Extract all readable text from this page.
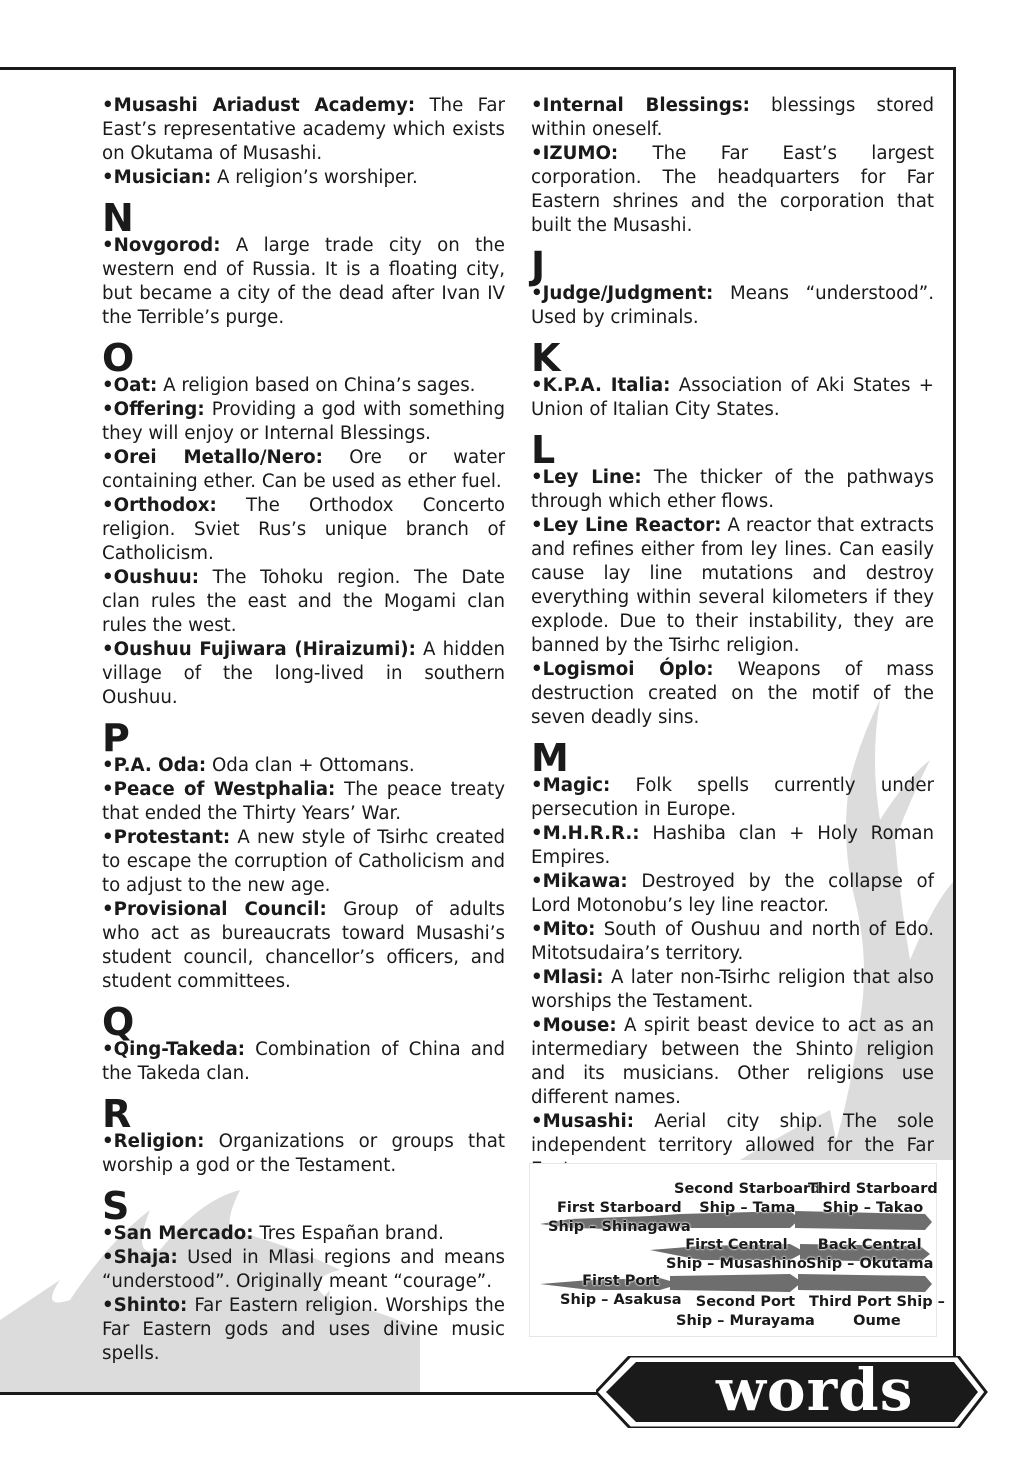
•Musashi Ariadust Academy: The Far East’s representative academy which exists on Okutama of Musashi.

•Musician: A religion’s worshiper.

N

•Novgorod: A large trade city on the western end of Russia. It is a floating city, but became a city of the dead after Ivan IV the Terrible’s purge.

O

•Oat: A religion based on China’s sages.

•Offering: Providing a god with something they will enjoy or Internal Blessings.

•Orei Metallo/Nero: Ore or water containing ether. Can be used as ether fuel.

•Orthodox: The Orthodox Concerto religion. Sviet Rus’s unique branch of Catholicism.

•Oushuu: The Tohoku region. The Date clan rules the east and the Mogami clan rules the west.

•Oushuu Fujiwara (Hiraizumi): A hidden village of the long-lived in southern Oushuu.

P

•P.A. Oda: Oda clan + Ottomans.

•Peace of Westphalia: The peace treaty that ended the Thirty Years’ War.

•Protestant: A new style of Tsirhc created to escape the corruption of Catholicism and to adjust to the new age.

•Provisional Council: Group of adults who act as bureaucrats toward Musashi’s student council, chancellor’s officers, and student committees.

Q

•Qing-Takeda: Combination of China and the Takeda clan.

R

•Religion: Organizations or groups that worship a god or the Testament.

S

•San Mercado: Tres Españan brand.

•Shaja: Used in Mlasi regions and means “understood”. Originally meant “courage”.

•Shinto: Far Eastern religion. Worships the Far Eastern gods and uses divine music spells.

•Internal Blessings: blessings stored within oneself.

•IZUMO: The Far East’s largest corporation. The headquarters for Far Eastern shrines and the corporation that built the Musashi.

J

•Judge/Judgment: Means “understood”. Used by criminals.

K

•K.P.A. Italia: Association of Aki States + Union of Italian City States.

L

•Ley Line: The thicker of the pathways through which ether flows.

•Ley Line Reactor: A reactor that extracts and refines either from ley lines. Can easily cause lay line mutations and destroy everything within several kilometers if they explode. Due to their instability, they are banned by the Tsirhc religion.

•Logismoi Óplo: Weapons of mass destruction created on the motif of the seven deadly sins.

M

•Magic: Folk spells currently under persecution in Europe.

•M.H.R.R.: Hashiba clan + Holy Roman Empires.

•Mikawa: Destroyed by the collapse of Lord Motonobu’s ley line reactor.

•Mito: South of Oushuu and north of Edo. Mitotsudaira’s territory.

•Mlasi: A later non-Tsirhc religion that also worships the Testament.

•Mouse: A spirit beast device to act as an intermediary between the Shinto religion and its musicians. Other religions use different names.

•Musashi: Aerial city ship. The sole independent territory allowed for the Far

Second Starboard
Ship – Tama
Third Starboard
Ship – Takao
First Starboard
Ship – Shinagawa
First Central
Ship – Musashino
Back Central
Ship – Okutama
First Port
Ship – Asakusa Second Port
Ship – Murayama
Third Port Ship –
Oume
words
